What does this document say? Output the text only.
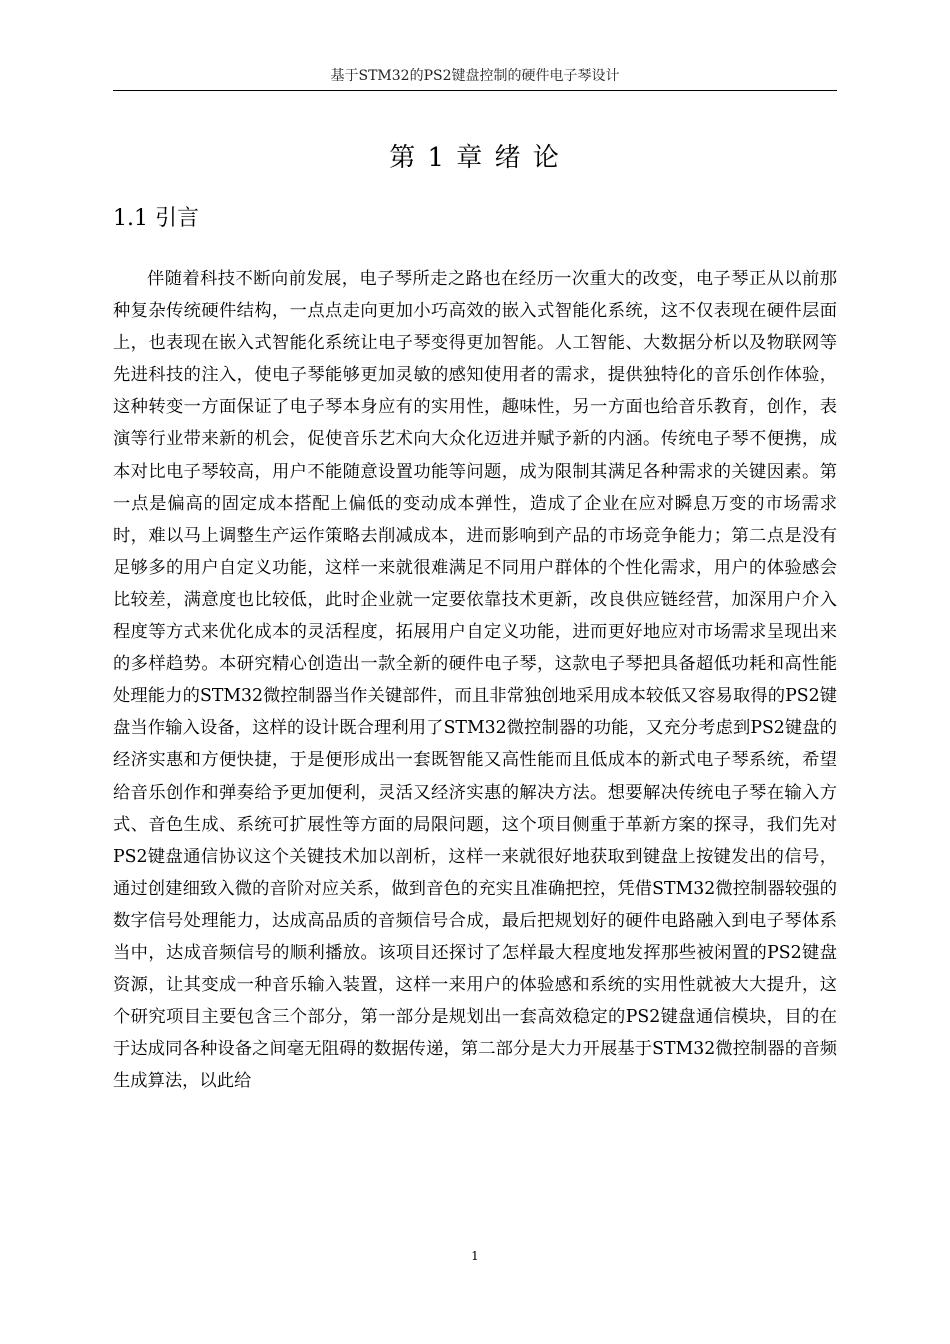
基于STM32的PS2键盘控制的硬件电子琴设计
第 1 章 绪 论
1.1 引言

伴随着科技不断向前发展，电子琴所走之路也在经历一次重大的改变，电子琴正从以前那种复杂传统硬件结构，一点点走向更加小巧高效的嵌入式智能化系统，这不仅表现在硬件层面上，也表现在嵌入式智能化系统让电子琴变得更加智能。人工智能、大数据分析以及物联网等先进科技的注入，使电子琴能够更加灵敏的感知使用者的需求，提供独特化的音乐创作体验，这种转变一方面保证了电子琴本身应有的实用性，趣味性，另一方面也给音乐教育，创作，表演等行业带来新的机会，促使音乐艺术向大众化迈进并赋予新的内涵。传统电子琴不便携，成本对比电子琴较高，用户不能随意设置功能等问题，成为限制其满足各种需求的关键因素。第一点是偏高的固定成本搭配上偏低的变动成本弹性，造成了企业在应对瞬息万变的市场需求时，难以马上调整生产运作策略去削减成本，进而影响到产品的市场竞争能力；第二点是没有足够多的用户自定义功能，这样一来就很难满足不同用户群体的个性化需求，用户的体验感会比较差，满意度也比较低，此时企业就一定要依靠技术更新，改良供应链经营，加深用户介入程度等方式来优化成本的灵活程度，拓展用户自定义功能，进而更好地应对市场需求呈现出来的多样趋势。本研究精心创造出一款全新的硬件电子琴，这款电子琴把具备超低功耗和高性能处理能力的STM32微控制器当作关键部件，而且非常独创地采用成本较低又容易取得的PS2键盘当作输入设备，这样的设计既合理利用了STM32微控制器的功能，又充分考虑到PS2键盘的经济实惠和方便快捷，于是便形成出一套既智能又高性能而且低成本的新式电子琴系统，希望给音乐创作和弹奏给予更加便利，灵活又经济实惠的解决方法。想要解决传统电子琴在输入方式、音色生成、系统可扩展性等方面的局限问题，这个项目侧重于革新方案的探寻，我们先对PS2键盘通信协议这个关键技术加以剖析，这样一来就很好地获取到键盘上按键发出的信号，通过创建细致入微的音阶对应关系，做到音色的充实且准确把控，凭借STM32微控制器较强的数字信号处理能力，达成高品质的音频信号合成，最后把规划好的硬件电路融入到电子琴体系当中，达成音频信号的顺利播放。该项目还探讨了怎样最大程度地发挥那些被闲置的PS2键盘资源，让其变成一种音乐输入装置，这样一来用户的体验感和系统的实用性就被大大提升，这个研究项目主要包含三个部分，第一部分是规划出一套高效稳定的PS2键盘通信模块，目的在于达成同各种设备之间毫无阻碍的数据传递，第二部分是大力开展基于STM32微控制器的音频生成算法，以此给

1
